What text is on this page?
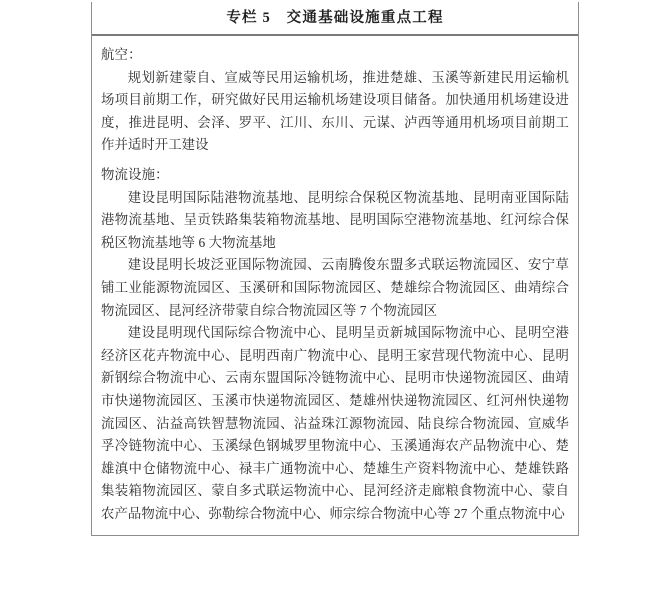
专栏 5　交通基础设施重点工程
航空：

规划新建蒙自、宣威等民用运输机场，推进楚雄、玉溪等新建民用运输机场项目前期工作，研究做好民用运输机场建设项目储备。加快通用机场建设进度，推进昆明、会泽、罗平、江川、东川、元谋、泸西等通用机场项目前期工作并适时开工建设

物流设施：

建设昆明国际陆港物流基地、昆明综合保税区物流基地、昆明南亚国际陆港物流基地、呈贡铁路集装箱物流基地、昆明国际空港物流基地、红河综合保税区物流基地等 6 大物流基地

建设昆明长坡泛亚国际物流园、云南腾俊东盟多式联运物流园区、安宁草铺工业能源物流园区、玉溪研和国际物流园区、楚雄综合物流园区、曲靖综合物流园区、昆河经济带蒙自综合物流园区等 7 个物流园区

建设昆明现代国际综合物流中心、昆明呈贡新城国际物流中心、昆明空港经济区花卉物流中心、昆明西南广物流中心、昆明王家营现代物流中心、昆明新钢综合物流中心、云南东盟国际冷链物流中心、昆明市快递物流园区、曲靖市快递物流园区、玉溪市快递物流园区、楚雄州快递物流园区、红河州快递物流园区、沾益高铁智慧物流园、沾益珠江源物流园、陆良综合物流园、宣威华孚冷链物流中心、玉溪绿色钢城罗里物流中心、玉溪通海农产品物流中心、楚雄滇中仓储物流中心、禄丰广通物流中心、楚雄生产资料物流中心、楚雄铁路集装箱物流园区、蒙自多式联运物流中心、昆河经济走廊粮食物流中心、蒙自农产品物流中心、弥勒综合物流中心、师宗综合物流中心等 27 个重点物流中心
